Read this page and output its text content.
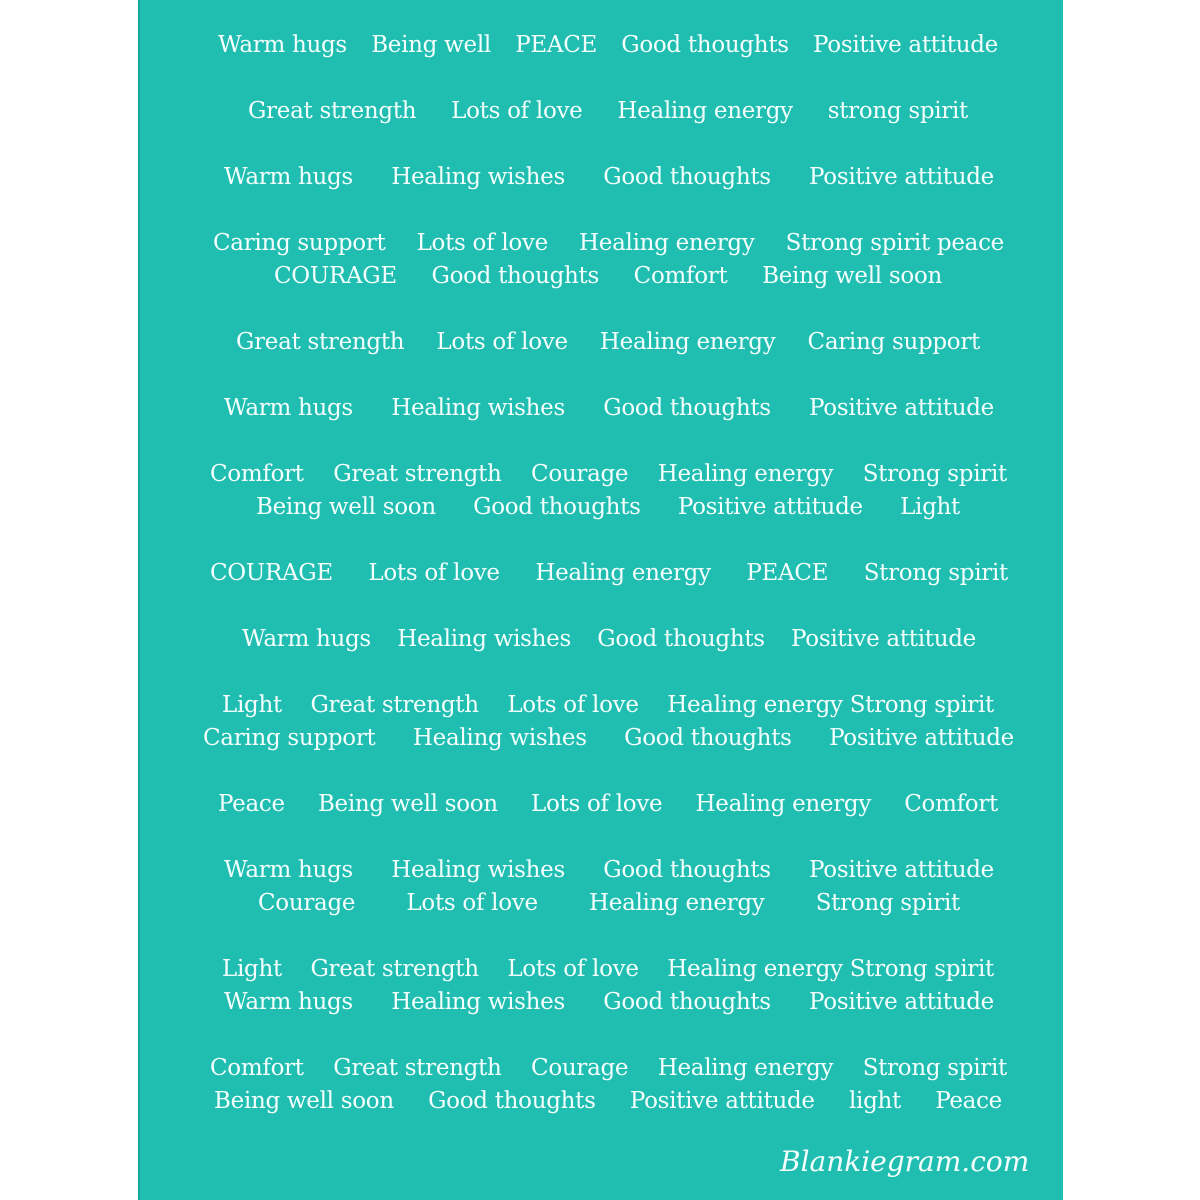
Warm hugs Being well PEACE Good thoughts Positive attitude
Great strength Lots of love Healing energy strong spirit
Warm hugs Healing wishes Good thoughts Positive attitude
Caring support Lots of love Healing energy Strong spirit peace
COURAGE Good thoughts Comfort Being well soon
Great strength Lots of love Healing energy Caring support
Warm hugs Healing wishes Good thoughts Positive attitude
Comfort Great strength Courage Healing energy Strong spirit
Being well soon Good thoughts Positive attitude Light
COURAGE Lots of love Healing energy PEACE Strong spirit
Warm hugs Healing wishes Good thoughts Positive attitude
Light Great strength Lots of love Healing energy Strong spirit
Caring support Healing wishes Good thoughts Positive attitude
Peace Being well soon Lots of love Healing energy Comfort
Warm hugs Healing wishes Good thoughts Positive attitude
Courage Lots of love Healing energy Strong spirit
Light Great strength Lots of love Healing energy Strong spirit
Warm hugs Healing wishes Good thoughts Positive attitude
Comfort Great strength Courage Healing energy Strong spirit
Being well soon Good thoughts Positive attitude light Peace
Blankiegram.com
